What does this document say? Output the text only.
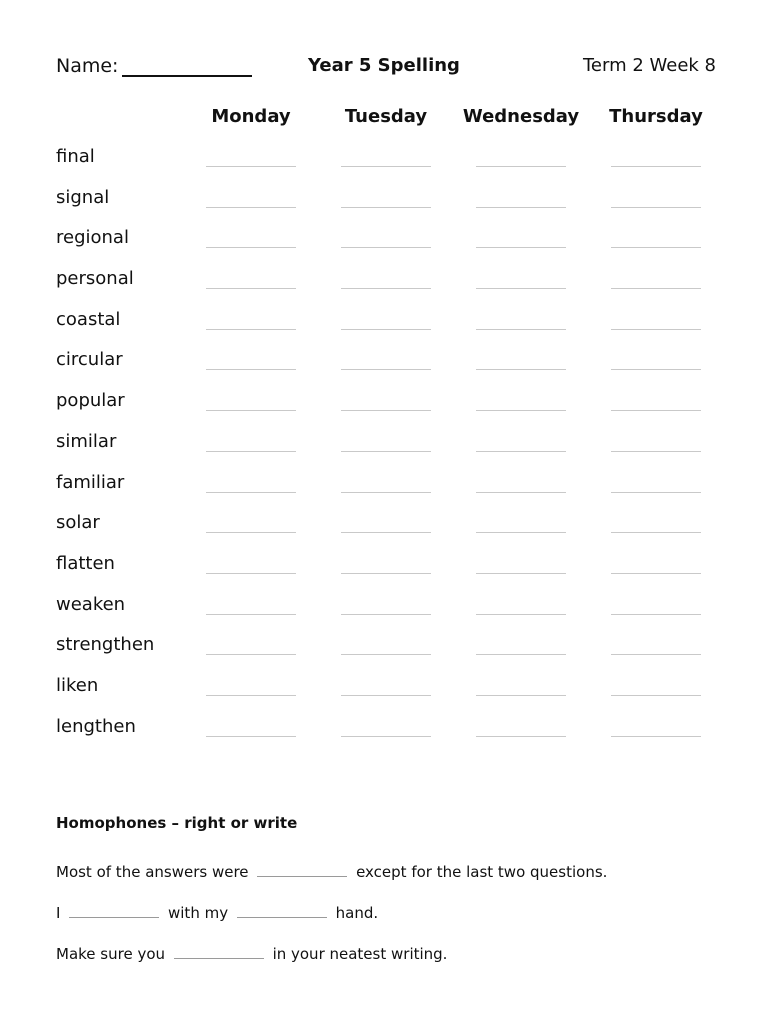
Name:	Year 5 Spelling	Term 2 Week 8
Monday	Tuesday	Wednesday	Thursday
final
signal
regional
personal
coastal
circular
popular
similar
familiar
solar
flatten
weaken
strengthen
liken
lengthen
Homophones – right or write
Most of the answers were	except for the last two questions.
I	with my	hand.
Make sure you	in your neatest writing.
